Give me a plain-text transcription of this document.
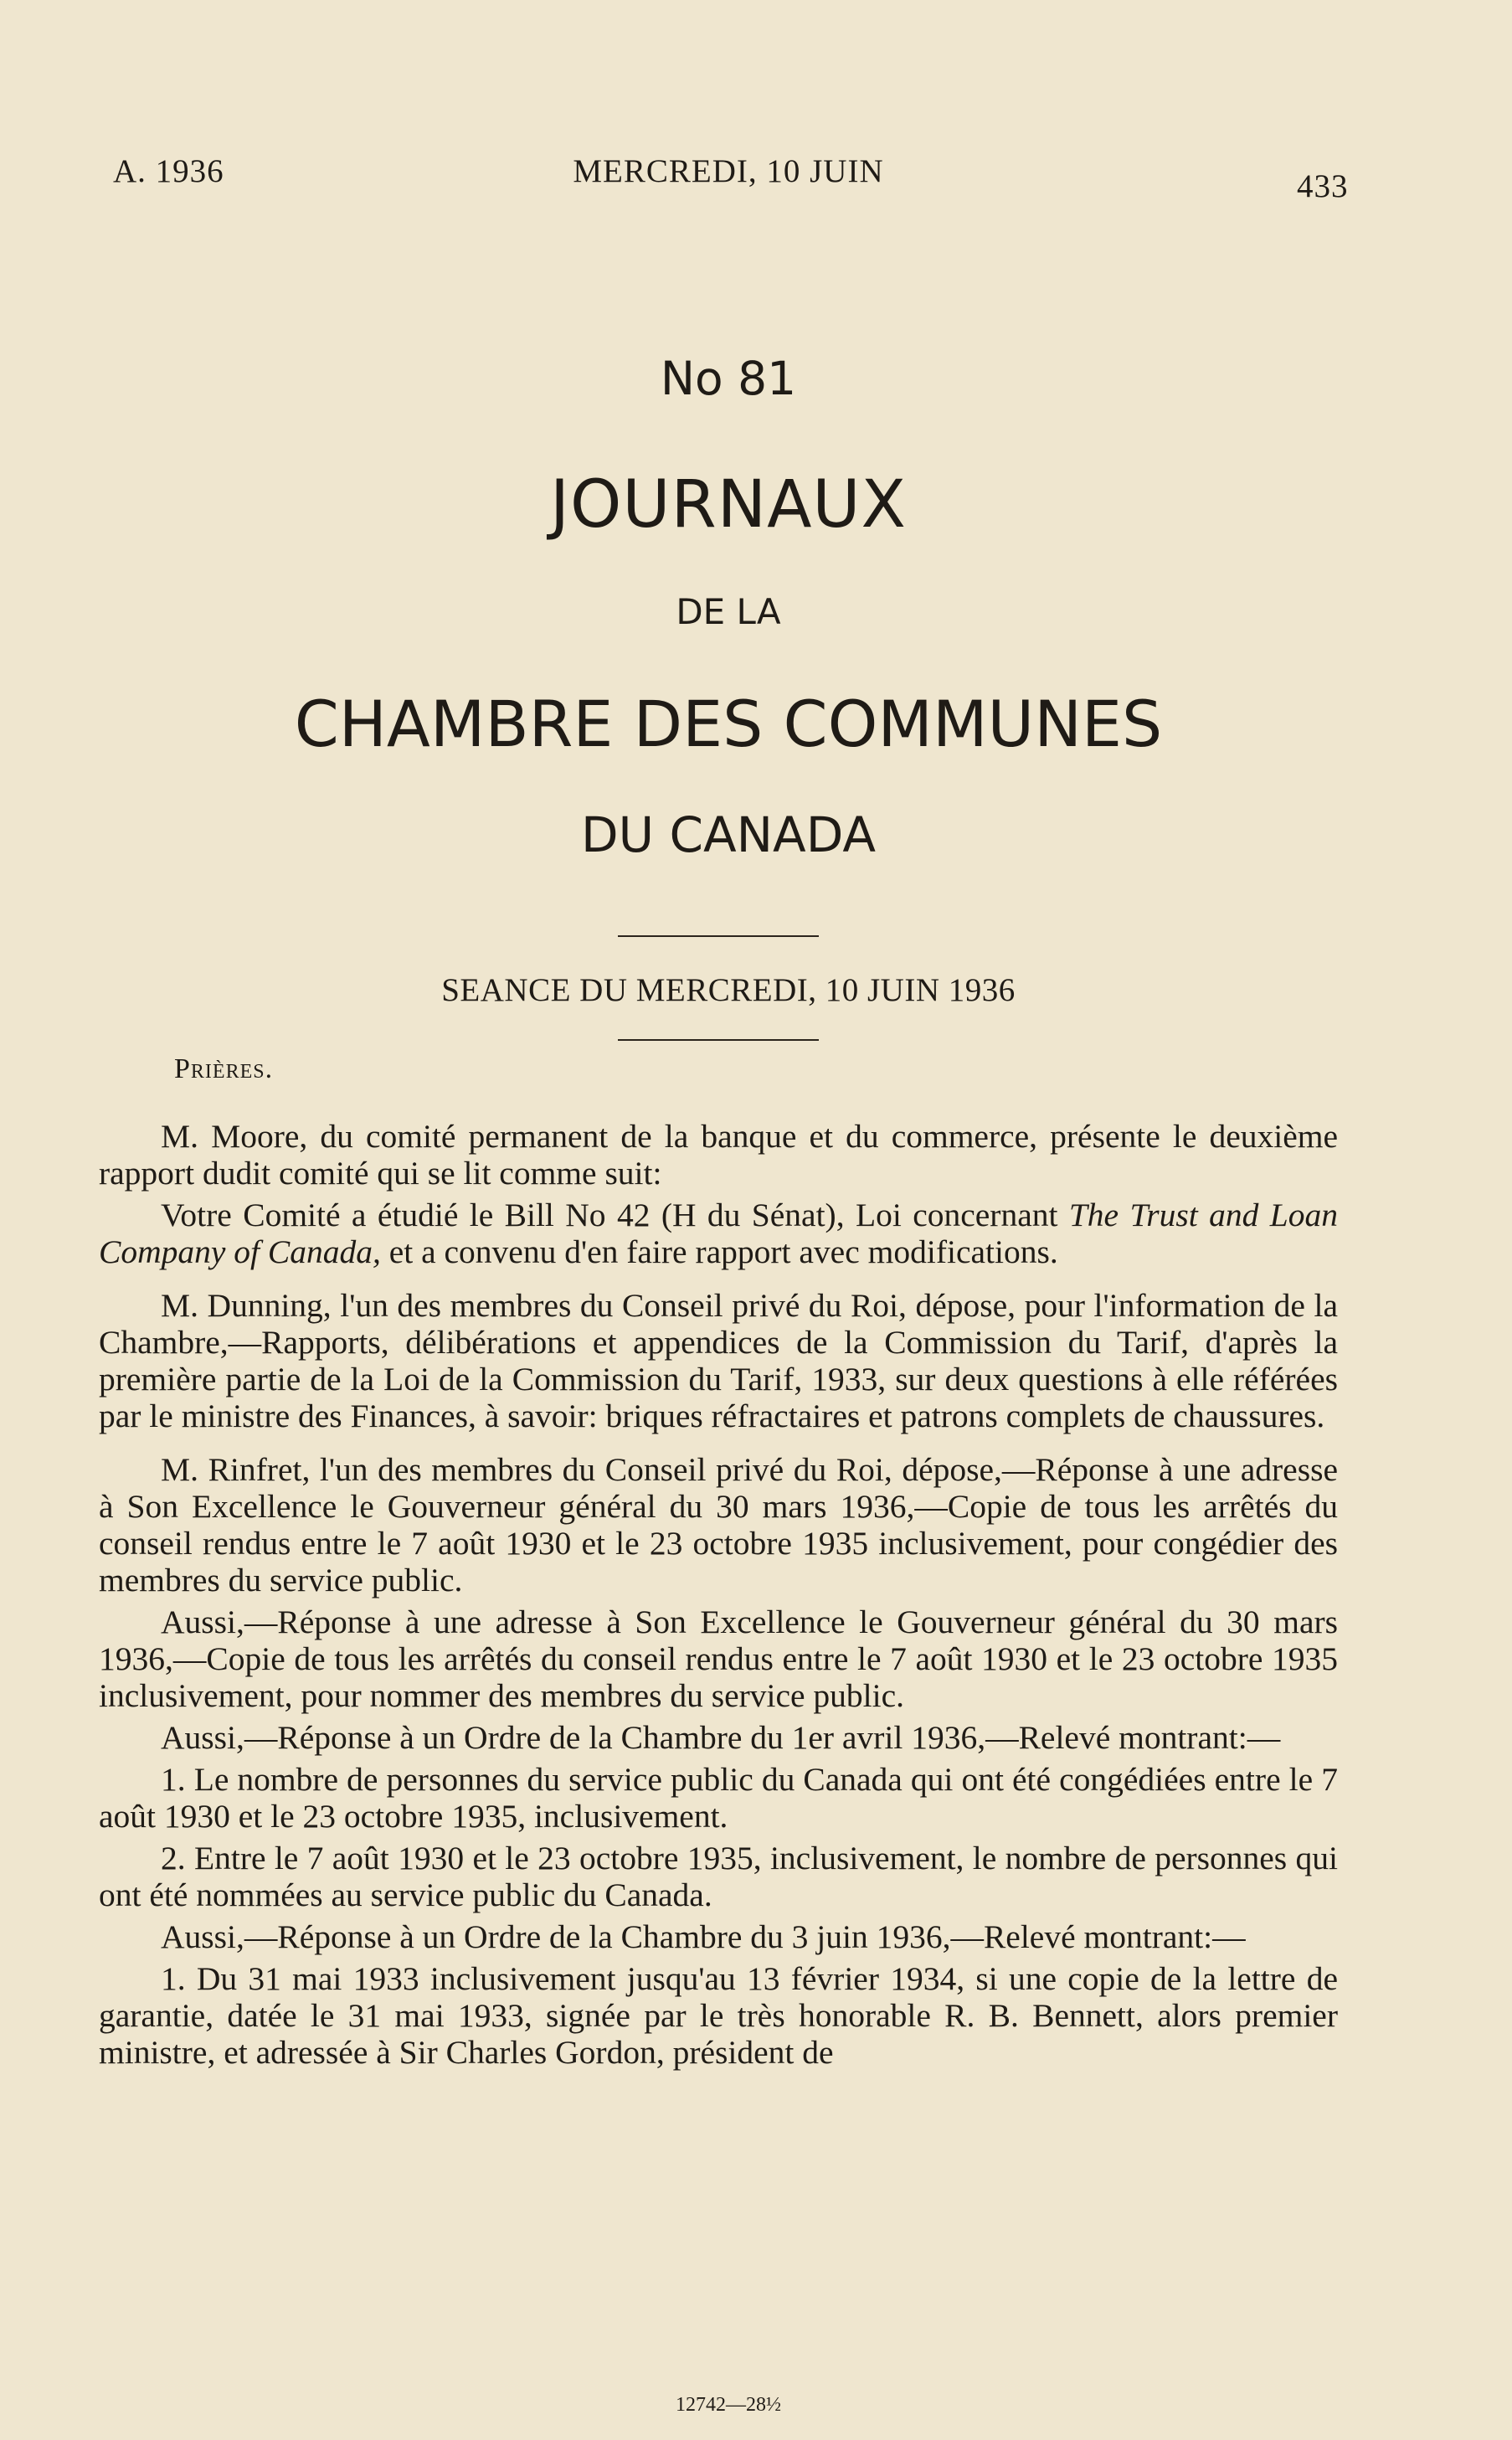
A. 1936	MERCREDI, 10 JUIN	433
No 81
JOURNAUX
DE LA
CHAMBRE DES COMMUNES
DU CANADA
SEANCE DU MERCREDI, 10 JUIN 1936
Prières.

M. Moore, du comité permanent de la banque et du commerce, présente le deuxième rapport dudit comité qui se lit comme suit:

Votre Comité a étudié le Bill No 42 (H du Sénat), Loi concernant The Trust and Loan Company of Canada, et a convenu d'en faire rapport avec modifications.

M. Dunning, l'un des membres du Conseil privé du Roi, dépose, pour l'information de la Chambre,—Rapports, délibérations et appendices de la Commission du Tarif, d'après la première partie de la Loi de la Commission du Tarif, 1933, sur deux questions à elle référées par le ministre des Finances, à savoir: briques réfractaires et patrons complets de chaussures.

M. Rinfret, l'un des membres du Conseil privé du Roi, dépose,—Réponse à une adresse à Son Excellence le Gouverneur général du 30 mars 1936,—Copie de tous les arrêtés du conseil rendus entre le 7 août 1930 et le 23 octobre 1935 inclusivement, pour congédier des membres du service public.

Aussi,—Réponse à une adresse à Son Excellence le Gouverneur général du 30 mars 1936,—Copie de tous les arrêtés du conseil rendus entre le 7 août 1930 et le 23 octobre 1935 inclusivement, pour nommer des membres du service public.

Aussi,—Réponse à un Ordre de la Chambre du 1er avril 1936,—Relevé montrant:—

1. Le nombre de personnes du service public du Canada qui ont été congédiées entre le 7 août 1930 et le 23 octobre 1935, inclusivement.

2. Entre le 7 août 1930 et le 23 octobre 1935, inclusivement, le nombre de personnes qui ont été nommées au service public du Canada.

Aussi,—Réponse à un Ordre de la Chambre du 3 juin 1936,—Relevé montrant:—

1. Du 31 mai 1933 inclusivement jusqu'au 13 février 1934, si une copie de la lettre de garantie, datée le 31 mai 1933, signée par le très honorable R. B. Bennett, alors premier ministre, et adressée à Sir Charles Gordon, président de

12742—28½
